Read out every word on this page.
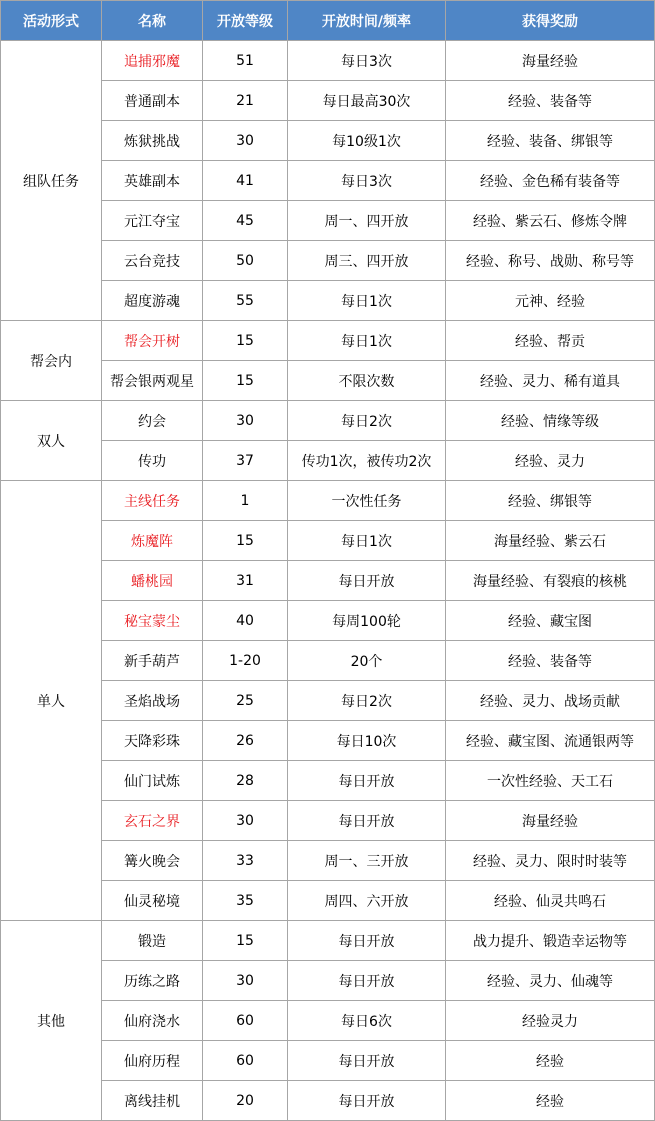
活动形式	名称	开放等级	开放时间/频率	获得奖励
组队任务	追捕邪魔	51	每日3次	海量经验
	普通副本	21	每日最高30次	经验、装备等
	炼狱挑战	30	每10级1次	经验、装备、绑银等
	英雄副本	41	每日3次	经验、金色稀有装备等
	元江夺宝	45	周一、四开放	经验、紫云石、修炼令牌
	云台竞技	50	周三、四开放	经验、称号、战勋、称号等
	超度游魂	55	每日1次	元神、经验
帮会内	帮会开树	15	每日1次	经验、帮贡
	帮会银两观星	15	不限次数	经验、灵力、稀有道具
双人	约会	30	每日2次	经验、情缘等级
	传功	37	传功1次，被传功2次	经验、灵力
单人	主线任务	1	一次性任务	经验、绑银等
	炼魔阵	15	每日1次	海量经验、紫云石
	蟠桃园	31	每日开放	海量经验、有裂痕的核桃
	秘宝蒙尘	40	每周100轮	经验、藏宝图
	新手葫芦	1-20	20个	经验、装备等
	圣焰战场	25	每日2次	经验、灵力、战场贡献
	天降彩珠	26	每日10次	经验、藏宝图、流通银两等
	仙门试炼	28	每日开放	一次性经验、天工石
	玄石之界	30	每日开放	海量经验
	篝火晚会	33	周一、三开放	经验、灵力、限时时装等
	仙灵秘境	35	周四、六开放	经验、仙灵共鸣石
其他	锻造	15	每日开放	战力提升、锻造幸运物等
	历练之路	30	每日开放	经验、灵力、仙魂等
	仙府浇水	60	每日6次	经验灵力
	仙府历程	60	每日开放	经验
	离线挂机	20	每日开放	经验
